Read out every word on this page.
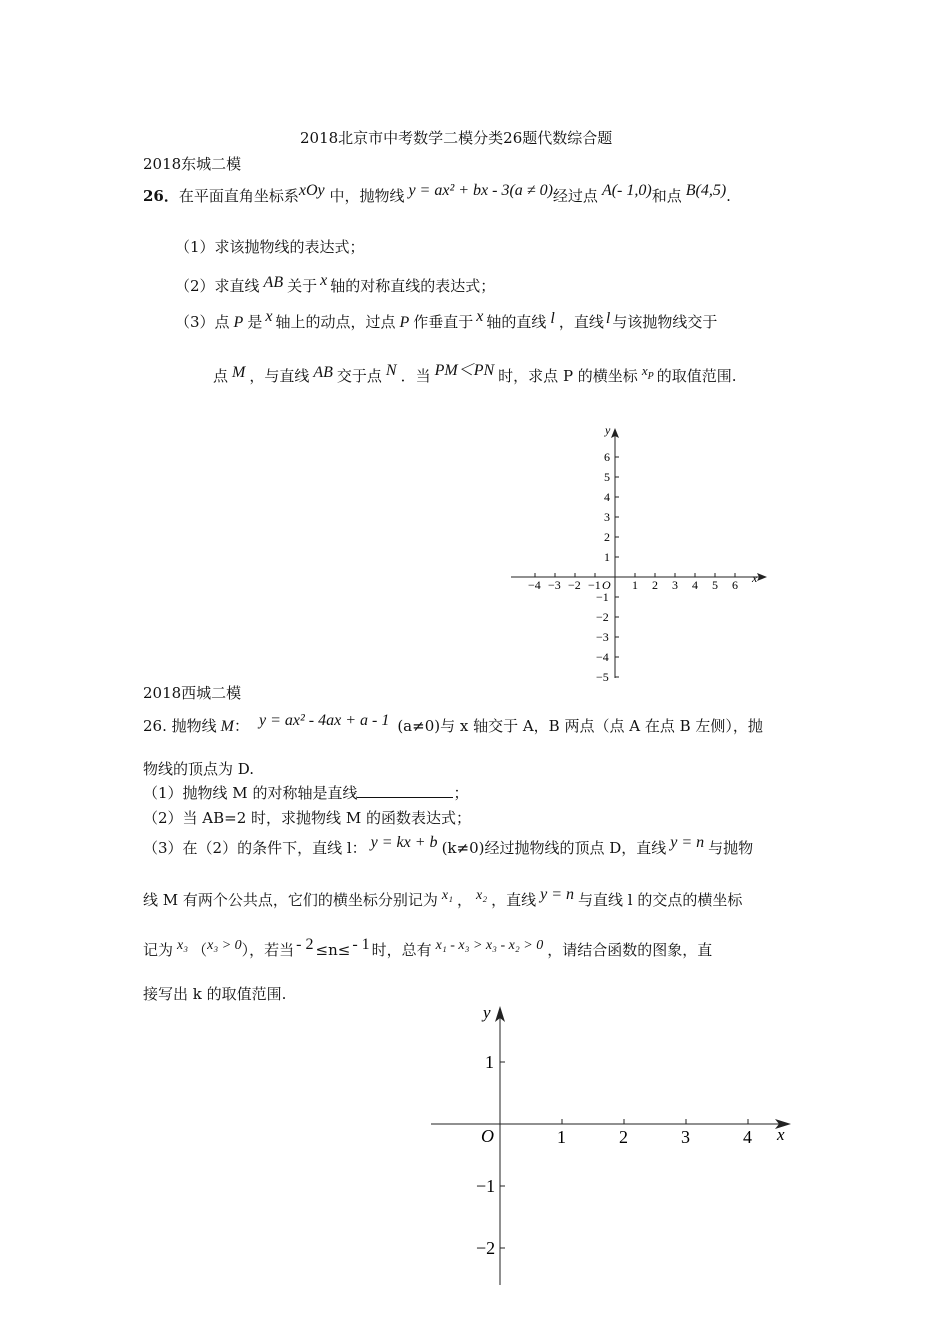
2018北京市中考数学二模分类26题代数综合题
2018东城二模
26．在平面直角坐标系xOy 中，抛物线 y = ax² + bx - 3(a ≠ 0)经过点 A(- 1,0)和点 B(4,5).
（1）求该抛物线的表达式；
（2）求直线 AB 关于 x 轴的对称直线的表达式；
（3）点 P 是 x 轴上的动点，过点 P 作垂直于 x 轴的直线 l ，直线 l 与该抛物线交于
点 M ，与直线 AB 交于点 N ．当 PM＜PN 时，求点 P 的横坐标 xP 的取值范围.
x
y
O
−4 −3 −2 −1	1 2 3 4 5 6
6
5
4
3
2
1
−1
−2
−3
−4
−5
2018西城二模
26. 抛物线 M： y = ax² - 4ax + a - 1 (a≠0)与 x 轴交于 A，B 两点（点 A 在点 B 左侧），抛
物线的顶点为 D.
（1）抛物线 M 的对称轴是直线	；
（2）当 AB=2 时，求抛物线 M 的函数表达式；
（3）在（2）的条件下，直线 l： y = kx + b (k≠0)经过抛物线的顶点 D，直线 y = n 与抛物
线 M 有两个公共点，它们的横坐标分别记为 x₁ ， x₂ ，直线 y = n 与直线 l 的交点的横坐标
记为 x₃ （x₃ > 0），若当 - 2 ≤n≤ - 1 时，总有 x₁ - x₃ > x₃ - x₂ > 0 ，请结合函数的图象，直
接写出 k 的取值范围.
x
y
O	1	2	3	4
1
−1
−2
